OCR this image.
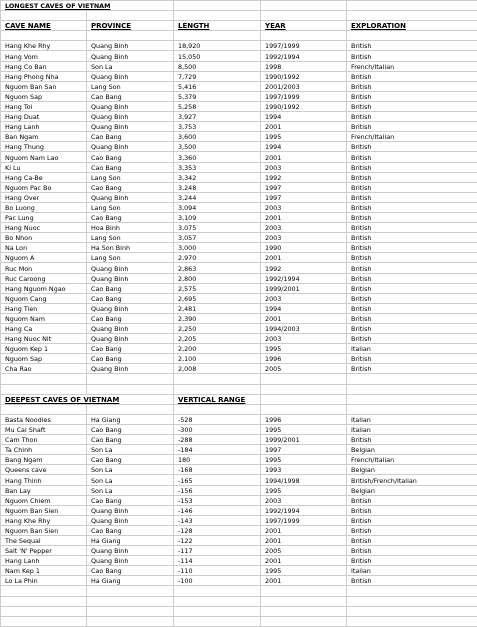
LONGEST CAVES OF VIETNAM				

CAVE NAME	PROVINCE	LENGTH	YEAR	EXPLORATION

Hang Khe Rhy	Quang Binh	18,920	1997/1999	British
Hang Vom	Quang Binh	15,050	1992/1994	British
Hang Co Ban	Son La	8,500	1998	French/Italian
Hang Phong Nha	Quang Binh	7,729	1990/1992	British
Nguom Ban San	Lang Son	5,416	2001/2003	British
Nguom Sap	Cao Bang	5,379	1997/1999	British
Hang Toi	Quang Binh	5,258	1990/1992	British
Hang Duat	Quang Binh	3,927	1994	British
Hang Lanh	Quang Binh	3,753	2001	British
Ban Ngam	Cao Bang	3,600	1995	French/Italian
Hang Thung	Quang Binh	3,500	1994	British
Nguom Nam Lao	Cao Bang	3,360	2001	British
Ki Lu	Cao Bang	3,353	2003	British
Hang Ca-Be	Lang Son	3,342	1992	British
Nguom Pac Bo	Cao Bang	3,248	1997	British
Hang Over	Quang Binh	3,244	1997	British
Bo Luong	Lang Son	3,094	2003	British
Pac Lung	Cao Bang	3,109	2001	British
Hang Nuoc	Hoa Binh	3,075	2003	British
Bo Nhon	Lang Son	3,057	2003	British
Na Lon	Ha Son Binh	3,000	1990	British
Nguom A	Lang Son	2,970	2001	British
Ruc Mon	Quang Binh	2,863	1992	British
Ruc Caroong	Quang Binh	2,800	1992/1994	British
Hang Nguom Ngao	Cao Bang	2,575	1999/2001	British
Nguom Cang	Cao Bang	2,695	2003	British
Hang Tien	Quang Binh	2,481	1994	British
Nguom Nam	Cao Bang	2,390	2001	British
Hang Ca	Quang Binh	2,250	1994/2003	British
Hang Nuoc Nit	Quang Binh	2,205	2003	British
Nguom Kep 1	Cao Bang	2,200	1995	Italian
Nguom Sap	Cao Bang	2,100	1996	British
Cha Rao	Quang Binh	2,008	2005	British

DEEPEST CAVES OF VIETNAM		VERTICAL RANGE		

Basta Noodles	Ha Giang	-528	1996	Italian
Mu Cai Shaft	Cao Bang	-300	1995	Italian
Cam Thon	Cao Bang	-288	1999/2001	British
Ta Chinh	Son La	-184	1997	Belgian
Bang Ngam	Cao Bang	180	1995	French/Italian
Queens cave	Son La	-168	1993	Belgian
Hang Thinh	Son La	-165	1994/1998	British/French/Italian
Ban Lay	Son La	-156	1995	Belgian
Nguom Chiem	Cao Bang	-153	2003	British
Nguom Ban Sien	Quang Binh	-146	1992/1994	British
Hang Khe Rhy	Quang Binh	-143	1997/1999	British
Nguom Ban Sien	Cao Bang	-128	2001	British
The Sequal	Ha Giang	-122	2001	British
Salt 'N' Pepper	Quang Binh	-117	2005	British
Hang Lanh	Quang Binh	-114	2001	British
Nam Kep 1	Cao Bang	-110	1995	Italian
Lo La Phin	Ha Giang	-100	2001	British
